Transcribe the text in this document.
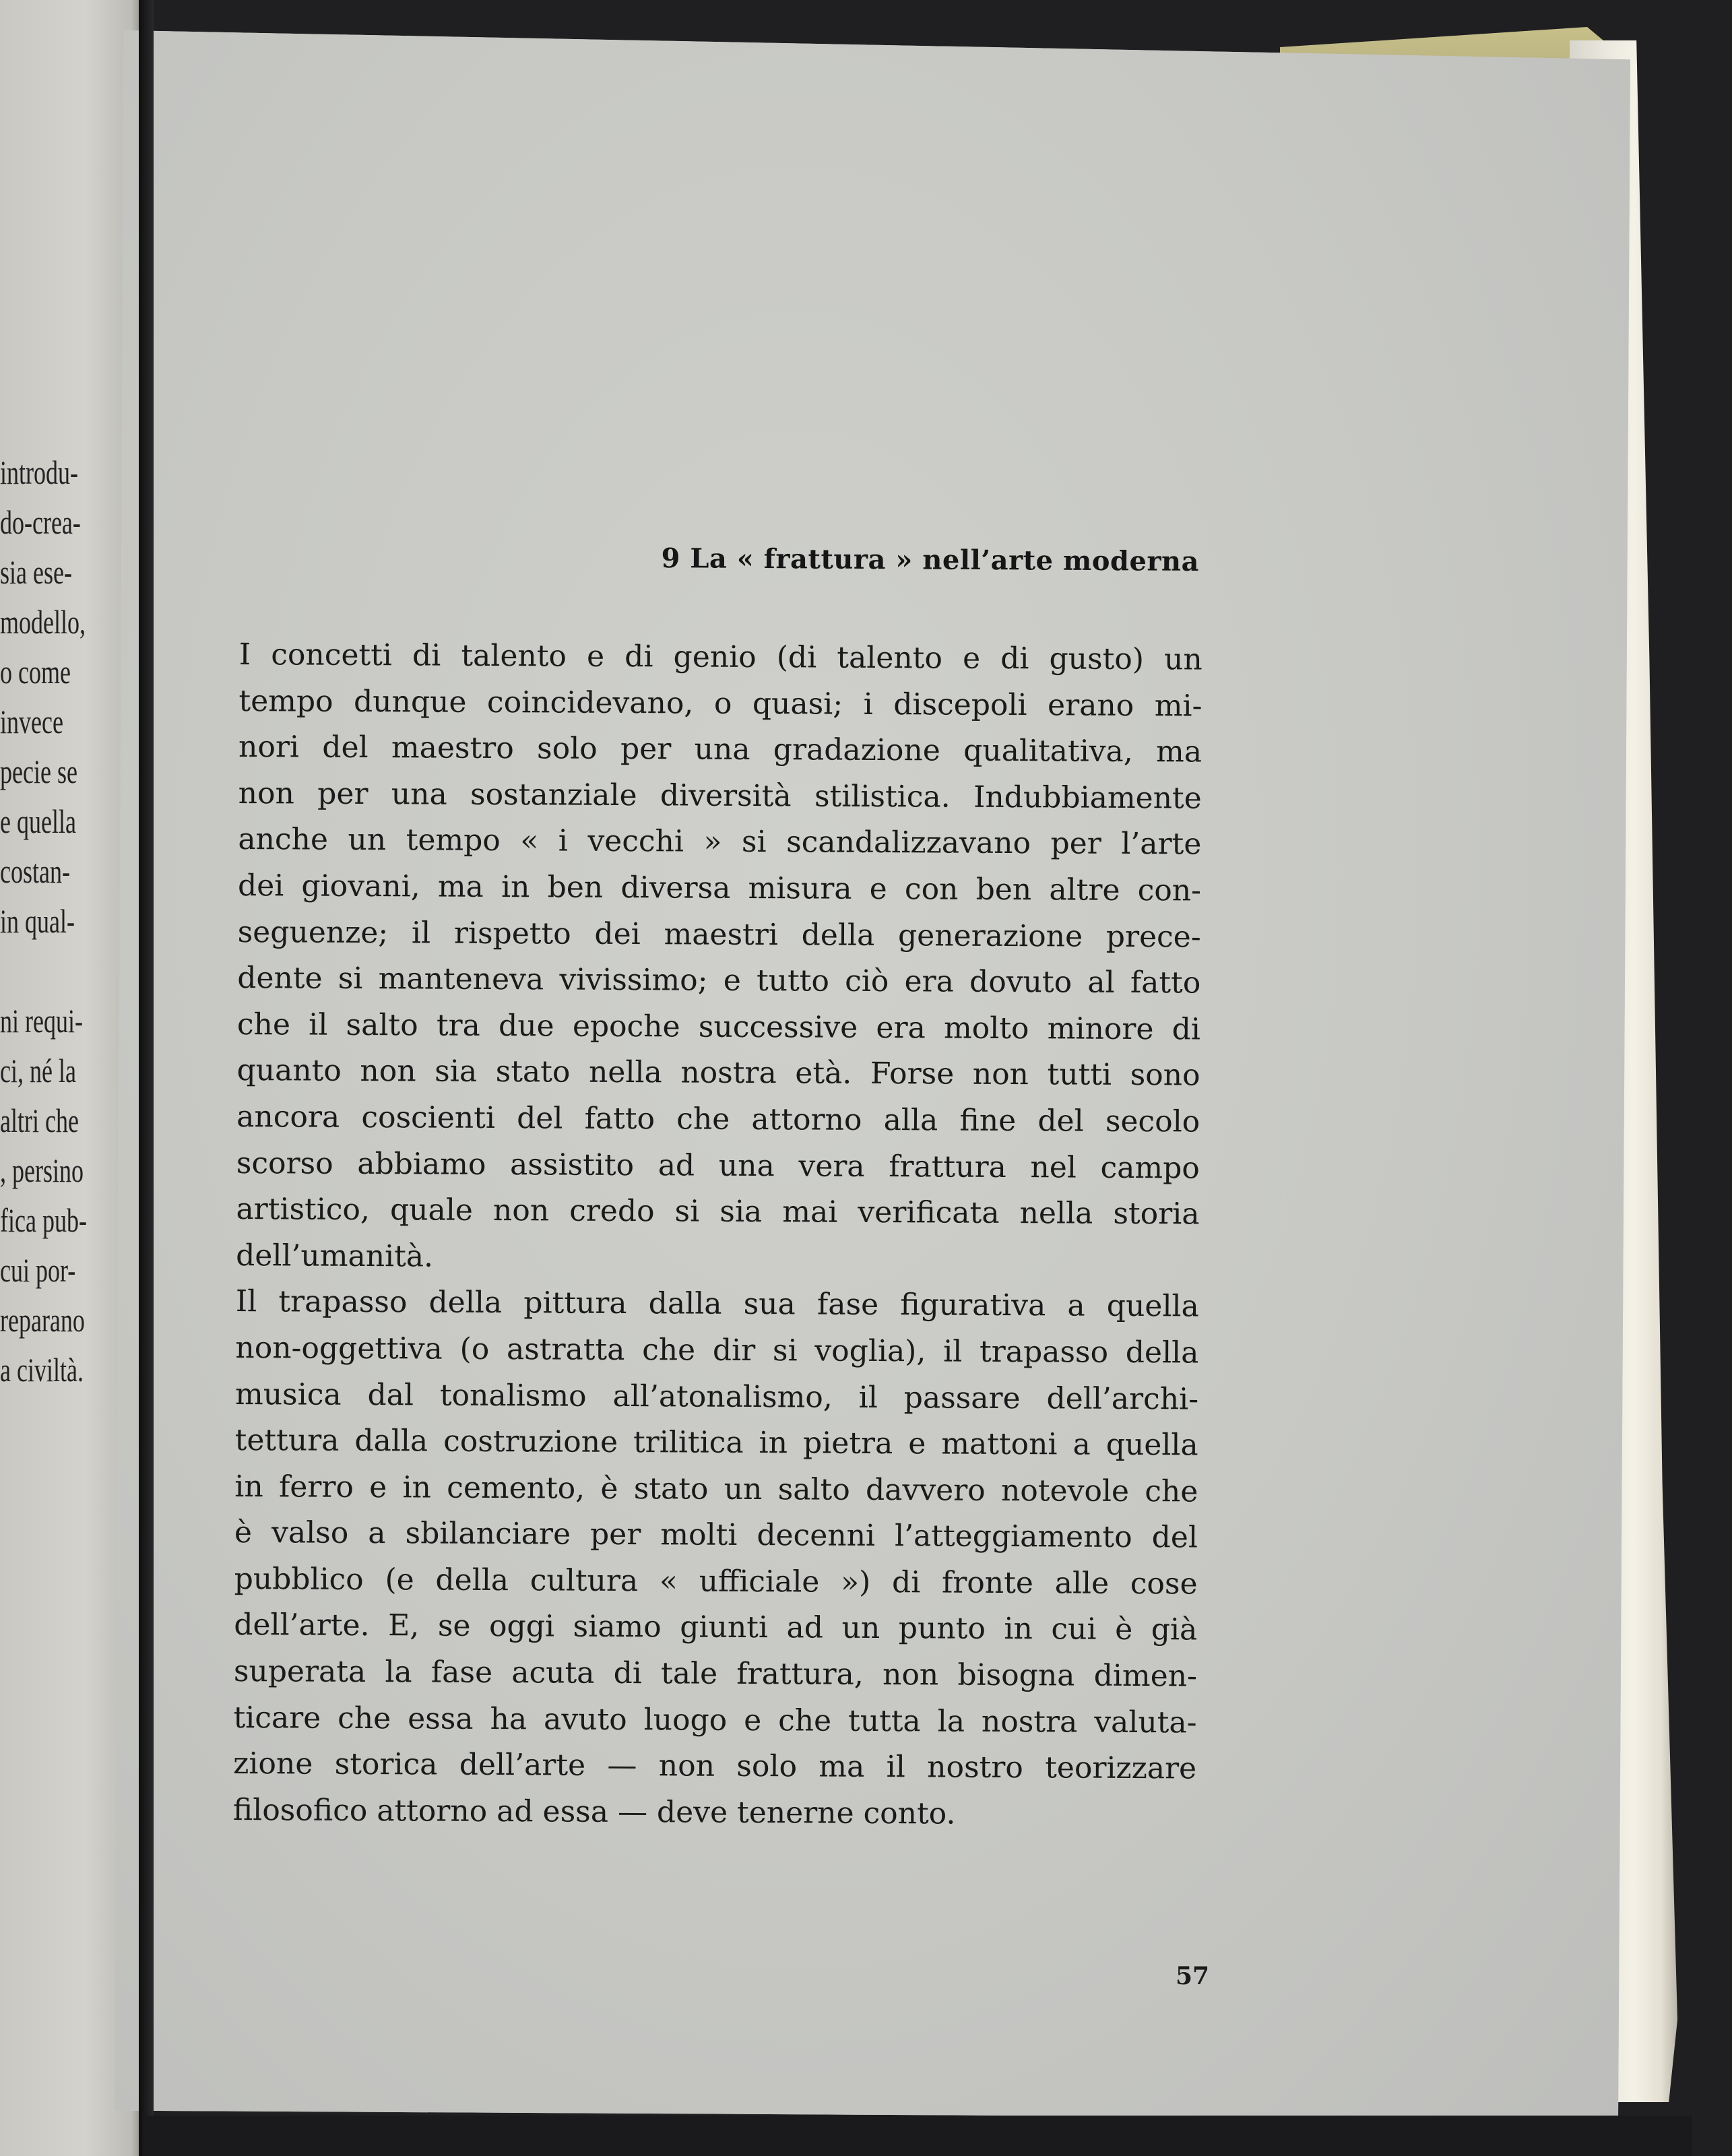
introdu-
do-crea-
sia ese-
modello,
o come
invece
pecie se
e quella
costan-
in qual-
ni requi-
ci, né la
altri che
, persino
fica pub-
cui por-
reparano
a civiltà.
9 La « frattura » nell’arte moderna
I concetti di talento e di genio (di talento e di gusto) un
tempo dunque coincidevano, o quasi; i discepoli erano mi-
nori del maestro solo per una gradazione qualitativa, ma
non per una sostanziale diversità stilistica. Indubbiamente
anche un tempo « i vecchi » si scandalizzavano per l’arte
dei giovani, ma in ben diversa misura e con ben altre con-
seguenze; il rispetto dei maestri della generazione prece-
dente si manteneva vivissimo; e tutto ciò era dovuto al fatto
che il salto tra due epoche successive era molto minore di
quanto non sia stato nella nostra età. Forse non tutti sono
ancora coscienti del fatto che attorno alla fine del secolo
scorso abbiamo assistito ad una vera frattura nel campo
artistico, quale non credo si sia mai verificata nella storia
dell’umanità.
Il trapasso della pittura dalla sua fase figurativa a quella
non-oggettiva (o astratta che dir si voglia), il trapasso della
musica dal tonalismo all’atonalismo, il passare dell’archi-
tettura dalla costruzione trilitica in pietra e mattoni a quella
in ferro e in cemento, è stato un salto davvero notevole che
è valso a sbilanciare per molti decenni l’atteggiamento del
pubblico (e della cultura « ufficiale ») di fronte alle cose
dell’arte. E, se oggi siamo giunti ad un punto in cui è già
superata la fase acuta di tale frattura, non bisogna dimen-
ticare che essa ha avuto luogo e che tutta la nostra valuta-
zione storica dell’arte — non solo ma il nostro teorizzare
filosofico attorno ad essa — deve tenerne conto.
57
